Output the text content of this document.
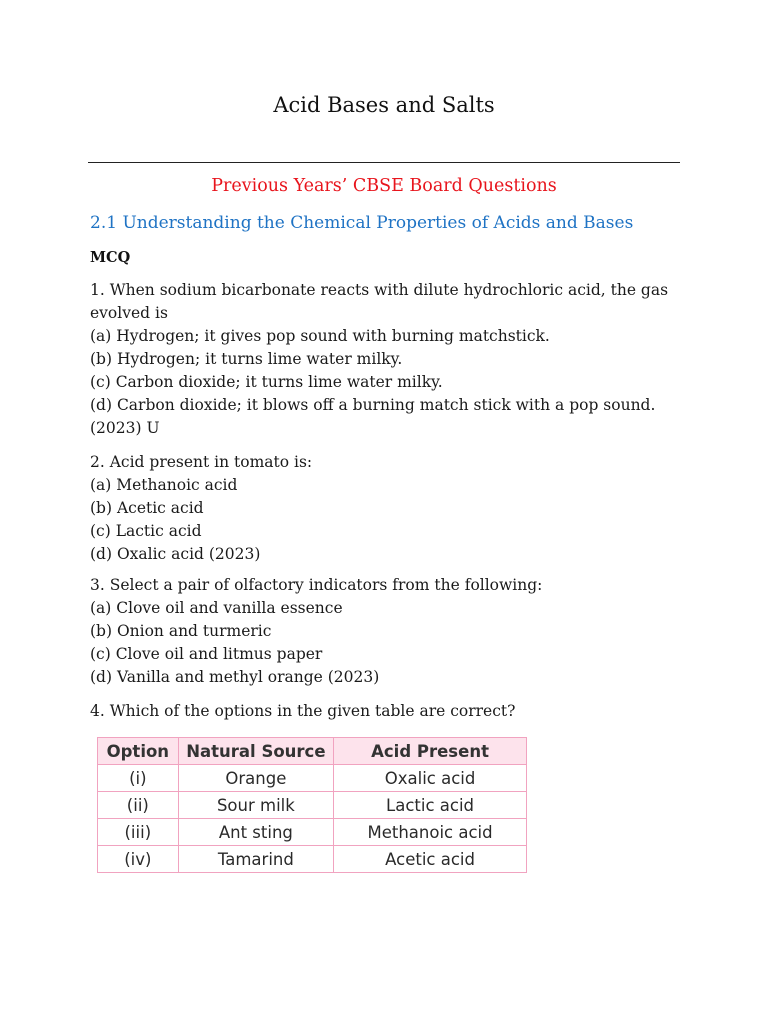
Acid Bases and Salts
Previous Years’ CBSE Board Questions
2.1 Understanding the Chemical Properties of Acids and Bases
MCQ
1. When sodium bicarbonate reacts with dilute hydrochloric acid, the gas
evolved is
(a) Hydrogen; it gives pop sound with burning matchstick.
(b) Hydrogen; it turns lime water milky.
(c) Carbon dioxide; it turns lime water milky.
(d) Carbon dioxide; it blows off a burning match stick with a pop sound.
(2023) U
2. Acid present in tomato is:
(a) Methanoic acid
(b) Acetic acid
(c) Lactic acid
(d) Oxalic acid (2023)
3. Select a pair of olfactory indicators from the following:
(a) Clove oil and vanilla essence
(b) Onion and turmeric
(c) Clove oil and litmus paper
(d) Vanilla and methyl orange (2023)
4. Which of the options in the given table are correct?
Option	Natural Source	Acid Present
(i)	Orange	Oxalic acid
(ii)	Sour milk	Lactic acid
(iii)	Ant sting	Methanoic acid
(iv)	Tamarind	Acetic acid
